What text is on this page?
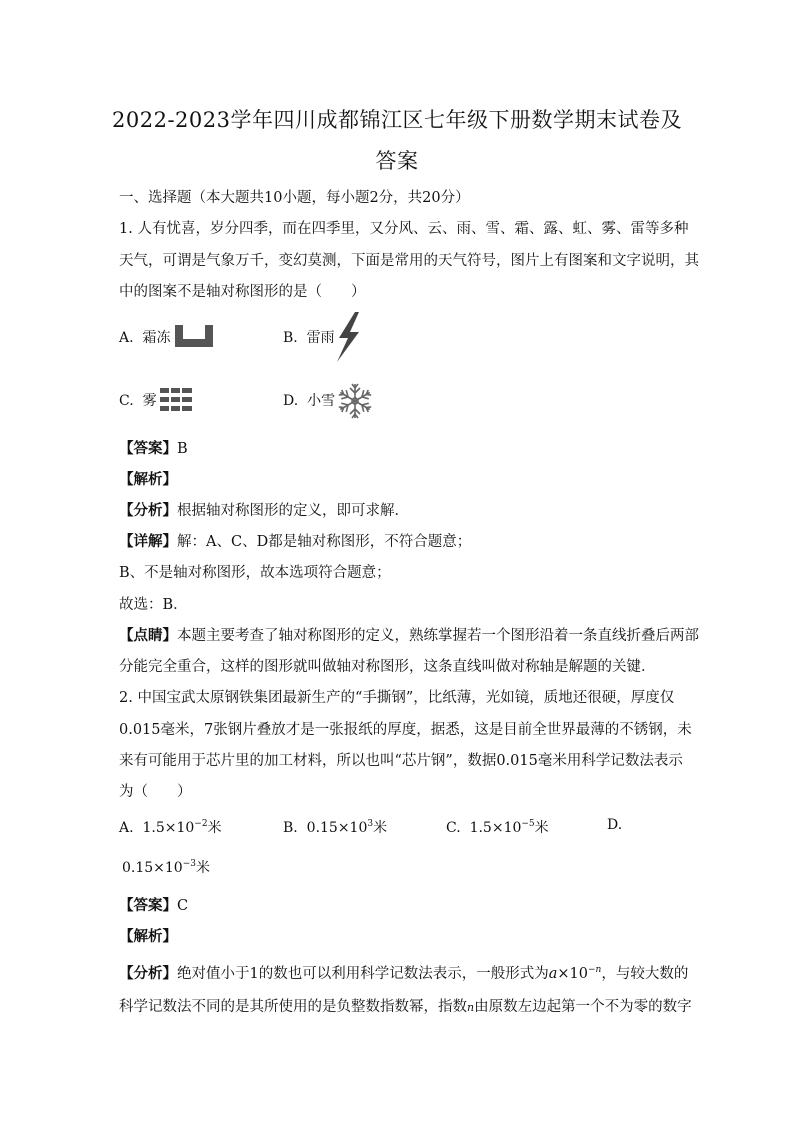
2022-2023学年四川成都锦江区七年级下册数学期末试卷及
答案
一、选择题（本大题共10小题，每小题2分，共20分）
1. 人有忧喜，岁分四季，而在四季里，又分风、云、雨、雪、霜、露、虹、雾、雷等多种
天气，可谓是气象万千，变幻莫测，下面是常用的天气符号，图片上有图案和文字说明，其
中的图案不是轴对称图形的是（　　）
A. 霜冻	B. 雷雨
C. 雾	D. 小雪
【答案】B
【解析】
【分析】根据轴对称图形的定义，即可求解．
【详解】解：A、C、D都是轴对称图形，不符合题意；
B、不是轴对称图形，故本选项符合题意；
故选：B．
【点睛】本题主要考查了轴对称图形的定义，熟练掌握若一个图形沿着一条直线折叠后两部
分能完全重合，这样的图形就叫做轴对称图形，这条直线叫做对称轴是解题的关键．
2. 中国宝武太原钢铁集团最新生产的“手撕钢”，比纸薄，光如镜，质地还很硬，厚度仅
0.015毫米，7张钢片叠放才是一张报纸的厚度，据悉，这是目前全世界最薄的不锈钢，未
来有可能用于芯片里的加工材料，所以也叫“芯片钢”，数据0.015毫米用科学记数法表示
为（　　）
A. $1.5\times 10^{-2}$米	B. $0.15\times 10^3$米	C. $1.5\times 10^{-5}$米	D.
$0.15\times 10^{-3}$米
【答案】C
【解析】
【分析】绝对值小于1的数也可以利用科学记数法表示，一般形式为$a\times 10^{-n}$，与较大数的
科学记数法不同的是其所使用的是负整数指数幂，指数n由原数左边起第一个不为零的数字
